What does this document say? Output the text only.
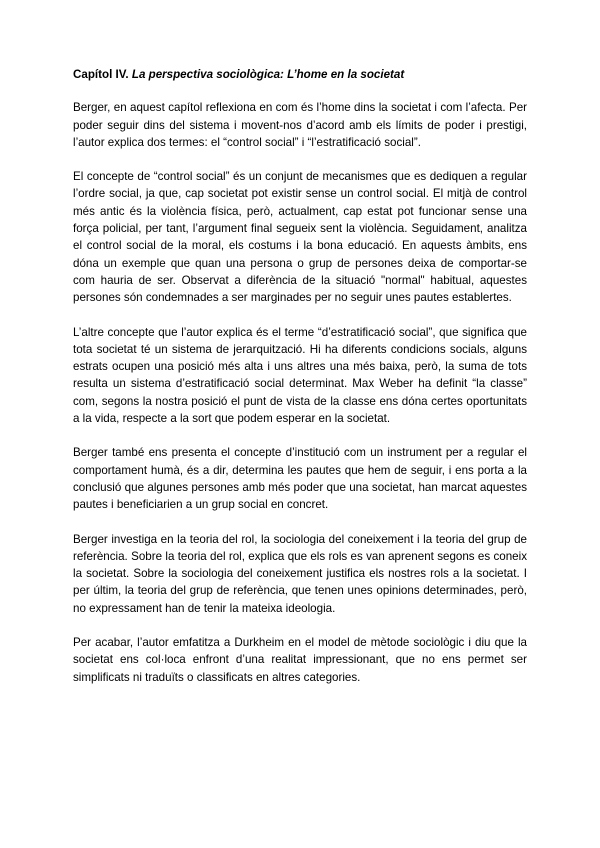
Capítol IV. La perspectiva sociològica: L’home en la societat

Berger, en aquest capítol reflexiona en com és l’home dins la societat i com l’afecta. Per poder seguir dins del sistema i movent-nos d’acord amb els límits de poder i prestigi, l’autor explica dos termes: el “control social” i “l’estratificació social”.

El concepte de “control social” és un conjunt de mecanismes que es dediquen a regular l’ordre social, ja que, cap societat pot existir sense un control social. El mitjà de control més antic és la violència física, però, actualment, cap estat pot funcionar sense una força policial, per tant, l’argument final segueix sent la violència. Seguidament, analitza el control social de la moral, els costums i la bona educació. En aquests àmbits, ens dóna un exemple que quan una persona o grup de persones deixa de comportar-se com hauria de ser. Observat a diferència de la situació "normal" habitual, aquestes persones són condemnades a ser marginades per no seguir unes pautes establertes.

L’altre concepte que l’autor explica és el terme “d’estratificació social”, que significa que tota societat té un sistema de jerarquització. Hi ha diferents condicions socials, alguns estrats ocupen una posició més alta i uns altres una més baixa, però, la suma de tots resulta un sistema d’estratificació social determinat. Max Weber ha definit “la classe” com, segons la nostra posició el punt de vista de la classe ens dóna certes oportunitats a la vida, respecte a la sort que podem esperar en la societat.

Berger també ens presenta el concepte d’institució com un instrument per a regular el comportament humà, és a dir, determina les pautes que hem de seguir, i ens porta a la conclusió que algunes persones amb més poder que una societat, han marcat aquestes pautes i beneficiarien a un grup social en concret.

Berger investiga en la teoria del rol, la sociologia del coneixement i la teoria del grup de referència. Sobre la teoria del rol, explica que els rols es van aprenent segons es coneix la societat. Sobre la sociologia del coneixement justifica els nostres rols a la societat. I per últim, la teoria del grup de referència, que tenen unes opinions determinades, però, no expressament han de tenir la mateixa ideologia.

Per acabar, l’autor emfatitza a Durkheim en el model de mètode sociològic i diu que la societat ens col·loca enfront d’una realitat impressionant, que no ens permet ser simplificats ni traduïts o classificats en altres categories.
